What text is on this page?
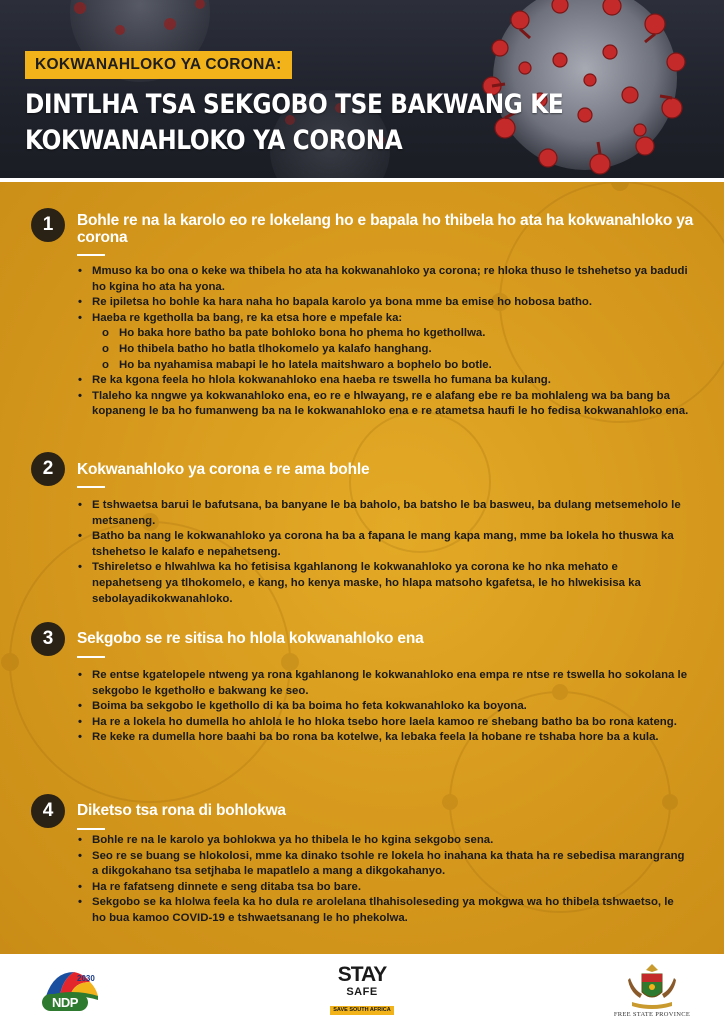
KOKWANAHLOKO YA CORONA:
DINTLHA TSA SEKGOBO TSE BAKWANG KE KOKWANAHLOKO YA CORONA
1	Bohle re na la karolo eo re lokelang ho e bapala ho thibela ho ata ha kokwanahloko ya corona
• Mmuso ka bo ona o keke wa thibela ho ata ha kokwanahloko ya corona; re hloka thuso le tshehetso ya badudi ho kgina ho ata ha yona.
• Re ipiletsa ho bohle ka hara naha ho bapala karolo ya bona mme ba emise ho hobosa batho.
• Haeba re kgetholla ba bang, re ka etsa hore e mpefale ka:
o Ho baka hore batho ba pate bohloko bona ho phema ho kgethollwa.
o Ho thibela batho ho batla tlhokomelo ya kalafo hanghang.
o Ho ba nyahamisa mabapi le ho latela maitshwaro a bophelo bo botle.
• Re ka kgona feela ho hlola kokwanahloko ena haeba re tswella ho fumana ba kulang.
• Tlaleho ka nngwe ya kokwanahloko ena, eo re e hlwayang, re e alafang ebe re ba mohlaleng wa ba bang ba kopaneng le ba ho fumanweng ba na le kokwanahloko ena e re atametsa haufi le ho fedisa kokwanahloko ena.
2	Kokwanahloko ya corona e re ama bohle
• E tshwaetsa barui le bafutsana, ba banyane le ba baholo, ba batsho le ba basweu, ba dulang metsemeholo le metsaneng.
• Batho ba nang le kokwanahloko ya corona ha ba a fapana le mang kapa mang, mme ba lokela ho thuswa ka tshehetso le kalafo e nepahetseng.
• Tshireletso e hlwahlwa ka ho fetisisa kgahlanong le kokwanahloko ya corona ke ho nka mehato e nepahetseng ya tlhokomelo, e kang, ho kenya maske, ho hlapa matsoho kgafetsa, le ho hlwekisisa ka sebolayadikokwanahloko.
3	Sekgobo se re sitisa ho hlola kokwanahloko ena
• Re entse kgatelopele ntweng ya rona kgahlanong le kokwanahloko ena empa re ntse re tswella ho sokolana le sekgobo le kgetholło e bakwang ke seo.
• Boima ba sekgobo le kgethollo di ka ba boima ho feta kokwanahloko ka boyona.
• Ha re a lokela ho dumella ho ahlola le ho hloka tsebo hore laela kamoo re shebang batho ba bo rona kateng.
• Re keke ra dumella hore baahi ba bo rona ba kotelwe, ka lebaka feela la hobane re tshaba hore ba a kula.
4	Diketso tsa rona di bohlokwa
• Bohle re na le karolo ya bohlokwa ya ho thibela le ho kgina sekgobo sena.
• Seo re se buang se hlokolosi, mme ka dinako tsohle re lokela ho inahana ka thata ha re sebedisa marangrang a dikgokahano tsa setjhaba le mapatlelo a mang a dikgokahanyo.
• Ha re fafatseng dinnete e seng ditaba tsa bo bare.
• Sekgobo se ka hlolwa feela ka ho dula re arolelana tlhahisoleseding ya mokgwa wa ho thibela tshwaetso, le ho bua kamoo COVID-19 e tshwaetsanang le ho phekolwa.
2030
NDP
STAY
SAFE
SAVE SOUTH AFRICA
FREE STATE PROVINCE
